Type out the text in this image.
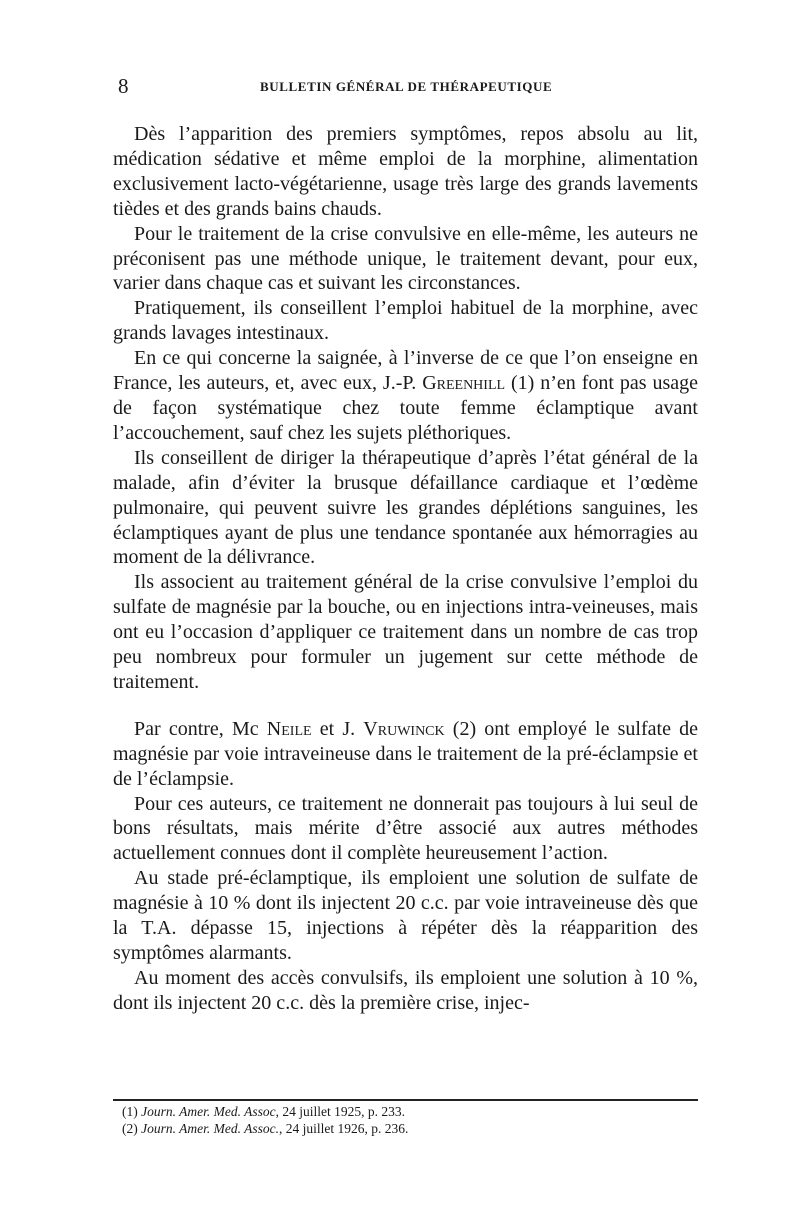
8	BULLETIN GÉNÉRAL DE THÉRAPEUTIQUE

Dès l’apparition des premiers symptômes, repos absolu au lit, médication sédative et même emploi de la morphine, alimentation exclusivement lacto-végétarienne, usage très large des grands lavements tièdes et des grands bains chauds.

Pour le traitement de la crise convulsive en elle-même, les auteurs ne préconisent pas une méthode unique, le traitement devant, pour eux, varier dans chaque cas et suivant les circonstances.

Pratiquement, ils conseillent l’emploi habituel de la morphine, avec grands lavages intestinaux.

En ce qui concerne la saignée, à l’inverse de ce que l’on enseigne en France, les auteurs, et, avec eux, J.-P. Greenhill (1) n’en font pas usage de façon systématique chez toute femme éclamptique avant l’accouchement, sauf chez les sujets pléthoriques.

Ils conseillent de diriger la thérapeutique d’après l’état général de la malade, afin d’éviter la brusque défaillance cardiaque et l’œdème pulmonaire, qui peuvent suivre les grandes déplétions sanguines, les éclamptiques ayant de plus une tendance spontanée aux hémorragies au moment de la délivrance.

Ils associent au traitement général de la crise convulsive l’emploi du sulfate de magnésie par la bouche, ou en injections intra-veineuses, mais ont eu l’occasion d’appliquer ce traitement dans un nombre de cas trop peu nombreux pour formuler un jugement sur cette méthode de traitement.

Par contre, Mc Neile et J. Vruwinck (2) ont employé le sulfate de magnésie par voie intraveineuse dans le traitement de la pré-éclampsie et de l’éclampsie.

Pour ces auteurs, ce traitement ne donnerait pas toujours à lui seul de bons résultats, mais mérite d’être associé aux autres méthodes actuellement connues dont il complète heureusement l’action.

Au stade pré-éclamptique, ils emploient une solution de sulfate de magnésie à 10 % dont ils injectent 20 c.c. par voie intraveineuse dès que la T.A. dépasse 15, injections à répéter dès la réapparition des symptômes alarmants.

Au moment des accès convulsifs, ils emploient une solution à 10 %, dont ils injectent 20 c.c. dès la première crise, injec-

(1) Journ. Amer. Med. Assoc, 24 juillet 1925, p. 233.
(2) Journ. Amer. Med. Assoc., 24 juillet 1926, p. 236.
